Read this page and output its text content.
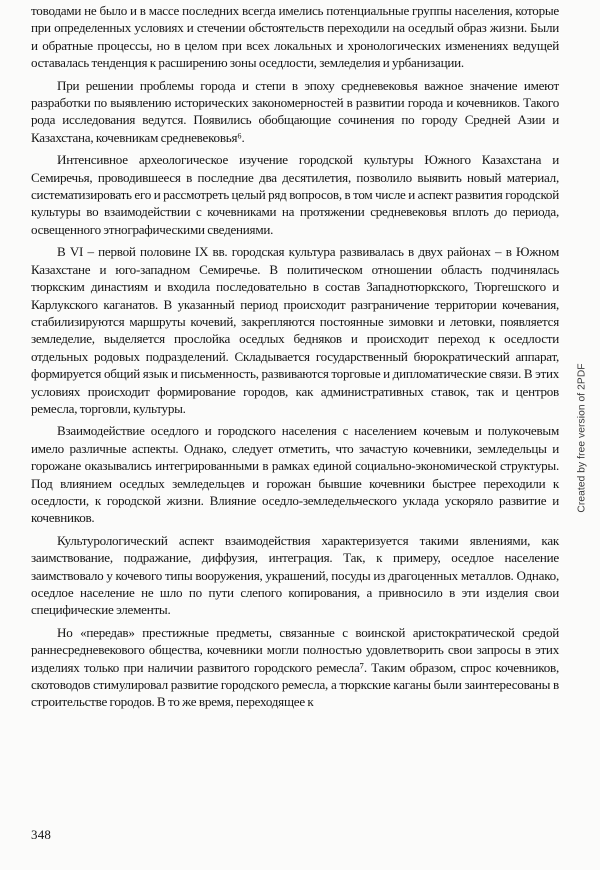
товодами не было и в массе последних всегда имелись потенциальные группы населения, которые при определенных условиях и стечении обстоятельств переходили на оседлый образ жизни. Были и обратные процессы, но в целом при всех локальных и хронологических изменениях ведущей оставалась тенденция к расширению зоны оседлости, земледелия и урбанизации.

При решении проблемы города и степи в эпоху средневековья важное значение имеют разработки по выявлению исторических закономерностей в развитии города и кочевников. Такого рода исследования ведутся. Появились обобщающие сочинения по городу Средней Азии и Казахстана, кочевникам средневековья⁶.

Интенсивное археологическое изучение городской культуры Южного Казахстана и Семиречья, проводившееся в последние два десятилетия, позволило выявить новый материал, систематизировать его и рассмотреть целый ряд вопросов, в том числе и аспект развития городской культуры во взаимодействии с кочевниками на протяжении средневековья вплоть до периода, освещенного этнографическими сведениями.

В VI – первой половине IX вв. городская культура развивалась в двух районах – в Южном Казахстане и юго-западном Семиречье. В политическом отношении область подчинялась тюркским династиям и входила последовательно в состав Западнотюркского, Тюргешского и Карлукского каганатов. В указанный период происходит разграничение территории кочевания, стабилизируются маршруты кочевий, закрепляются постоянные зимовки и летовки, появляется земледелие, выделяется прослойка оседлых бедняков и происходит переход к оседлости отдельных родовых подразделений. Складывается государственный бюрократический аппарат, формируется общий язык и письменность, развиваются торговые и дипломатические связи. В этих условиях происходит формирование городов, как административных ставок, так и центров ремесла, торговли, культуры.

Взаимодействие оседлого и городского населения с населением кочевым и полукочевым имело различные аспекты. Однако, следует отметить, что зачастую кочевники, земледельцы и горожане оказывались интегрированными в рамках единой социально-экономической структуры. Под влиянием оседлых земледельцев и горожан бывшие кочевники быстрее переходили к оседлости, к городской жизни. Влияние оседло-земледельческого уклада ускоряло развитие и кочевников.

Культурологический аспект взаимодействия характеризуется такими явлениями, как заимствование, подражание, диффузия, интеграция. Так, к примеру, оседлое население заимствовало у кочевого типы вооружения, украшений, посуды из драгоценных металлов. Однако, оседлое население не шло по пути слепого копирования, а привносило в эти изделия свои специфические элементы.

Но «передав» престижные предметы, связанные с воинской аристократической средой раннесредневекового общества, кочевники могли полностью удовлетворить свои запросы в этих изделиях только при наличии развитого городского ремесла⁷. Таким образом, спрос кочевников, скотоводов стимулировал развитие городского ремесла, а тюркские каганы были заинтересованы в строительстве городов. В то же время, переходящее к

348
Created by free version of 2PDF
